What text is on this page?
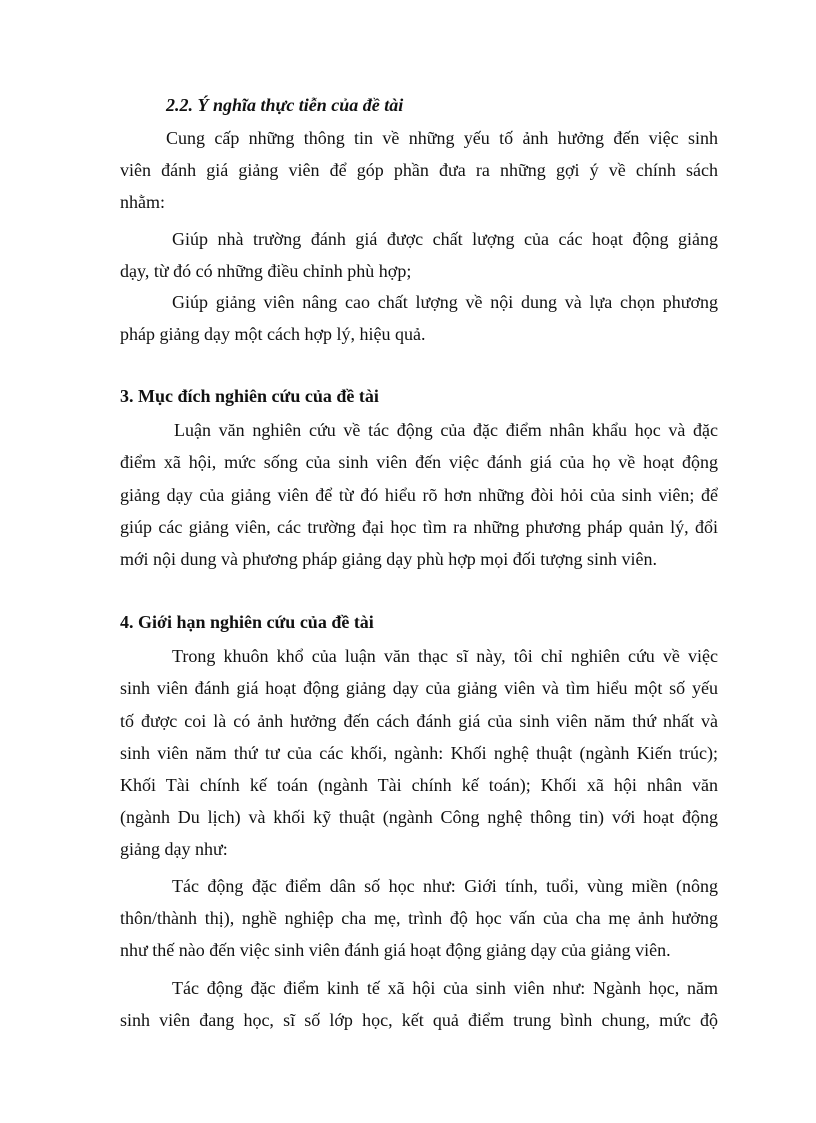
2.2. Ý nghĩa thực tiễn của đề tài
Cung cấp những thông tin về những yếu tố ảnh hưởng đến việc sinh
viên đánh giá giảng viên để góp phần đưa ra những gợi ý về chính sách
nhằm:
Giúp nhà trường đánh giá được chất lượng của các hoạt động giảng
dạy, từ đó có những điều chỉnh phù hợp;
Giúp giảng viên nâng cao chất lượng về nội dung và lựa chọn phương
pháp giảng dạy một cách hợp lý, hiệu quả.
3. Mục đích nghiên cứu của đề tài
Luận văn nghiên cứu về tác động của đặc điểm nhân khẩu học và đặc
điểm xã hội, mức sống của sinh viên đến việc đánh giá của họ về hoạt động
giảng dạy của giảng viên để từ đó hiểu rõ hơn những đòi hỏi của sinh viên; để
giúp các giảng viên, các trường đại học tìm ra những phương pháp quản lý, đổi
mới nội dung và phương pháp giảng dạy phù hợp mọi đối tượng sinh viên.
4. Giới hạn nghiên cứu của đề tài
Trong khuôn khổ của luận văn thạc sĩ này, tôi chỉ nghiên cứu về việc
sinh viên đánh giá hoạt động giảng dạy của giảng viên và tìm hiểu một số yếu
tố được coi là có ảnh hưởng đến cách đánh giá của sinh viên năm thứ nhất và
sinh viên năm thứ tư của các khối, ngành: Khối nghệ thuật (ngành Kiến trúc);
Khối Tài chính kế toán (ngành Tài chính kế toán); Khối xã hội nhân văn
(ngành Du lịch) và khối kỹ thuật (ngành Công nghệ thông tin) với hoạt động
giảng dạy như:
Tác động đặc điểm dân số học như: Giới tính, tuổi, vùng miền (nông
thôn/thành thị), nghề nghiệp cha mẹ, trình độ học vấn của cha mẹ ảnh hưởng
như thế nào đến việc sinh viên đánh giá hoạt động giảng dạy của giảng viên.
Tác động đặc điểm kinh tế xã hội của sinh viên như: Ngành học, năm
sinh viên đang học, sĩ số lớp học, kết quả điểm trung bình chung, mức độ
